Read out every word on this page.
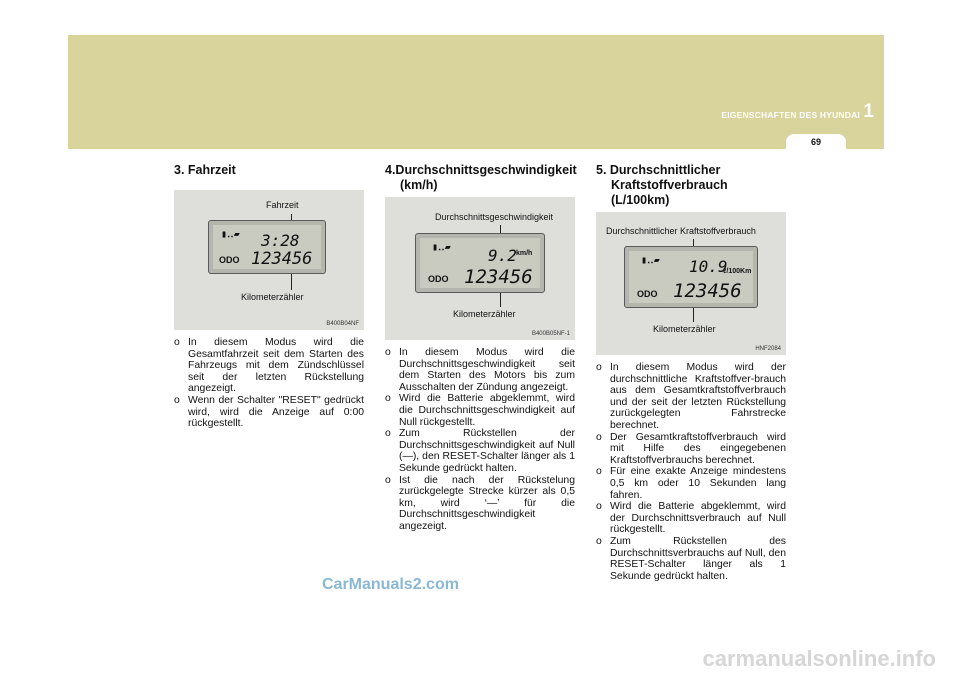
EIGENSCHAFTEN DES HYUNDAI 1
69
3. Fahrzeit
Fahrzeit
▮‥▰ 3:28
ODO 123456
Kilometerzähler
B400B04NF
o In diesem Modus wird die Gesamtfahrzeit seit dem Starten des Fahrzeugs mit dem Zündschlüssel seit der letzten Rückstellung angezeigt.
o Wenn der Schalter "RESET" gedrückt wird, wird die Anzeige auf 0:00 rückgestellt.
4.Durchschnittsgeschwindigkeit
(km/h)
Durchschnittsgeschwindigkeit
▮‥▰ 9.2 km/h
ODO 123456
Kilometerzähler
B400B05NF-1
o In diesem Modus wird die Durchschnittsgeschwindigkeit seit dem Starten des Motors bis zum Ausschalten der Zündung angezeigt.
o Wird die Batterie abgeklemmt, wird die Durchschnittsgeschwindigkeit auf Null rückgestellt.
o Zum Rückstellen der Durchschnittsgeschwindigkeit auf Null (—), den RESET-Schalter länger als 1 Sekunde gedrückt halten.
o Ist die nach der Rückstelung zurückgelegte Strecke kürzer als 0,5 km, wird ‘—’ für die Durchschnittsgeschwindigkeit angezeigt.
5. Durchschnittlicher
Kraftstoffverbrauch (L/100km)
Durchschnittlicher Kraftstoffverbrauch
▮‥▰ 10.9
ℓ/100Km
ODO 123456
Kilometerzähler
HNF2084
o In diesem Modus wird der durchschnittliche Kraftstoffver-brauch aus dem Gesamtkraftstoffverbrauch und der seit der letzten Rückstellung zurückgelegten Fahrstrecke berechnet.
o Der Gesamtkraftstoffverbrauch wird mit Hilfe des eingegebenen Kraftstoffverbrauchs berechnet.
o Für eine exakte Anzeige mindestens 0,5 km oder 10 Sekunden lang fahren.
o Wird die Batterie abgeklemmt, wird der Durchschnittsverbrauch auf Null rückgestellt.
o Zum Rückstellen des Durchschnittsverbrauchs auf Null, den RESET-Schalter länger als 1 Sekunde gedrückt halten.
CarManuals2.com
carmanualsonline.info
